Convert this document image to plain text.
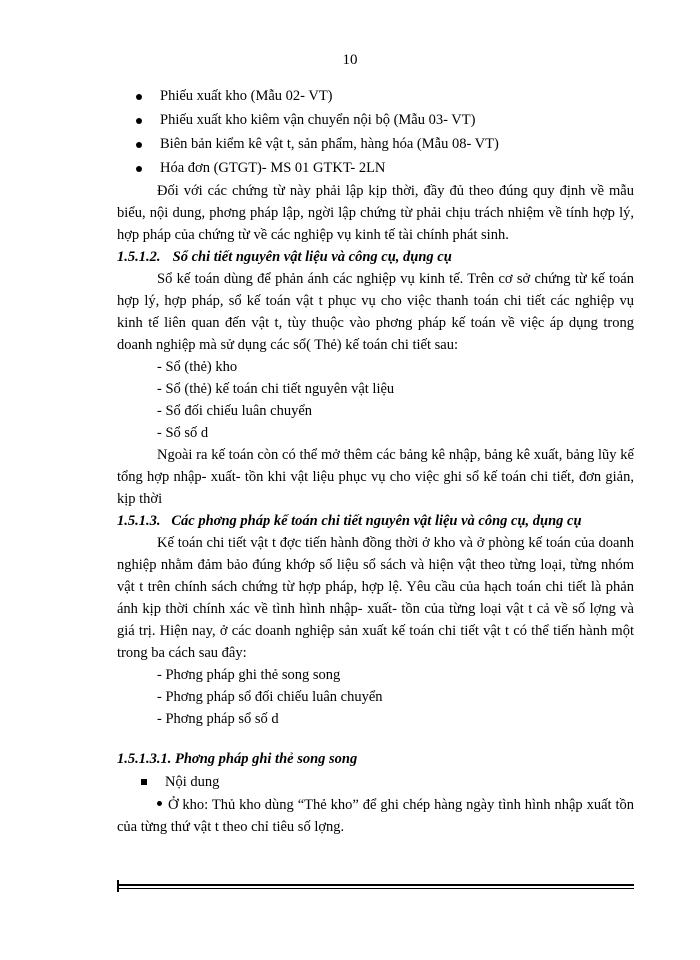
10
Phiếu xuất kho (Mẫu 02- VT)
Phiếu xuất kho kiêm vận chuyển nội bộ (Mẫu 03- VT)
Biên bản kiểm kê vật t, sản phẩm, hàng hóa (Mẫu 08- VT)
Hóa đơn (GTGT)- MS 01 GTKT- 2LN

Đối với các chứng từ này phải lập kịp thời, đầy đủ theo đúng quy định về mẫu biểu, nội dung, phơng pháp lập, ngời lập chứng từ phải chịu trách nhiệm về tính hợp lý, hợp pháp của chứng từ về các nghiệp vụ kinh tế tài chính phát sinh.

1.5.1.2. Sổ chi tiết nguyên vật liệu và công cụ, dụng cụ

Sổ kế toán dùng để phản ánh các nghiệp vụ kinh tế. Trên cơ sở chứng từ kế toán hợp lý, hợp pháp, sổ kế toán vật t phục vụ cho việc thanh toán chi tiết các nghiệp vụ kinh tế liên quan đến vật t, tùy thuộc vào phơng pháp kế toán về việc áp dụng trong doanh nghiệp mà sử dụng các sổ( Thẻ) kế toán chi tiết sau:

- Sổ (thẻ) kho

- Sổ (thẻ) kế toán chi tiết nguyên vật liệu

- Sổ đối chiếu luân chuyển

- Sổ số d

Ngoài ra kế toán còn có thể mở thêm các bảng kê nhập, bảng kê xuất, bảng lũy kế tổng hợp nhập- xuất- tồn khi vật liệu phục vụ cho việc ghi sổ kế toán chi tiết, đơn giản, kịp thời

1.5.1.3. Các phơng pháp kế toán chi tiết nguyên vật liệu và công cụ, dụng cụ

Kế toán chi tiết vật t đợc tiến hành đồng thời ở kho và ở phòng kế toán của doanh nghiệp nhằm đảm bảo đúng khớp số liệu sổ sách và hiện vật theo từng loại, từng nhóm vật t trên chính sách chứng từ hợp pháp, hợp lệ. Yêu cầu của hạch toán chi tiết là phản ánh kịp thời chính xác về tình hình nhập- xuất- tồn của từng loại vật t cả về số lợng và giá trị. Hiện nay, ở các doanh nghiệp sản xuất kế toán chi tiết vật t có thể tiến hành một trong ba cách sau đây:

- Phơng pháp ghi thẻ song song

- Phơng pháp sổ đối chiếu luân chuyển

- Phơng pháp sổ số d

1.5.1.3.1. Phơng pháp ghi thẻ song song

Nội dung

Ở kho: Thủ kho dùng “Thẻ kho” để ghi chép hàng ngày tình hình nhập xuất tồn của từng thứ vật t theo chỉ tiêu số lợng.
